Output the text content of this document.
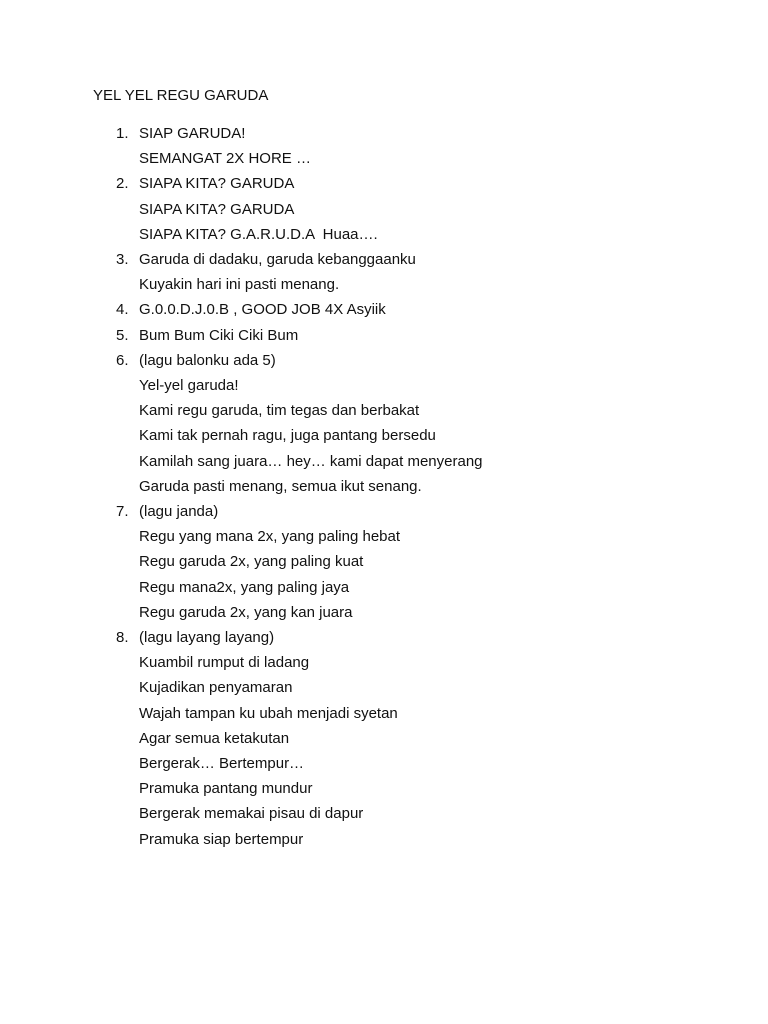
YEL YEL REGU GARUDA
1. SIAP GARUDA!
SEMANGAT 2X HORE …
2. SIAPA KITA? GARUDA
SIAPA KITA? GARUDA
SIAPA KITA? G.A.R.U.D.A  Huaa….
3. Garuda di dadaku, garuda kebanggaanku
Kuyakin hari ini pasti menang.
4. G.0.0.D.J.0.B , GOOD JOB 4X Asyiik
5. Bum Bum Ciki Ciki Bum
6. (lagu balonku ada 5)
Yel-yel garuda!
Kami regu garuda, tim tegas dan berbakat
Kami tak pernah ragu, juga pantang bersedu
Kamilah sang juara… hey… kami dapat menyerang
Garuda pasti menang, semua ikut senang.
7. (lagu janda)
Regu yang mana 2x, yang paling hebat
Regu garuda 2x, yang paling kuat
Regu mana2x, yang paling jaya
Regu garuda 2x, yang kan juara
8. (lagu layang layang)
Kuambil rumput di ladang
Kujadikan penyamaran
Wajah tampan ku ubah menjadi syetan
Agar semua ketakutan
Bergerak… Bertempur…
Pramuka pantang mundur
Bergerak memakai pisau di dapur
Pramuka siap bertempur
